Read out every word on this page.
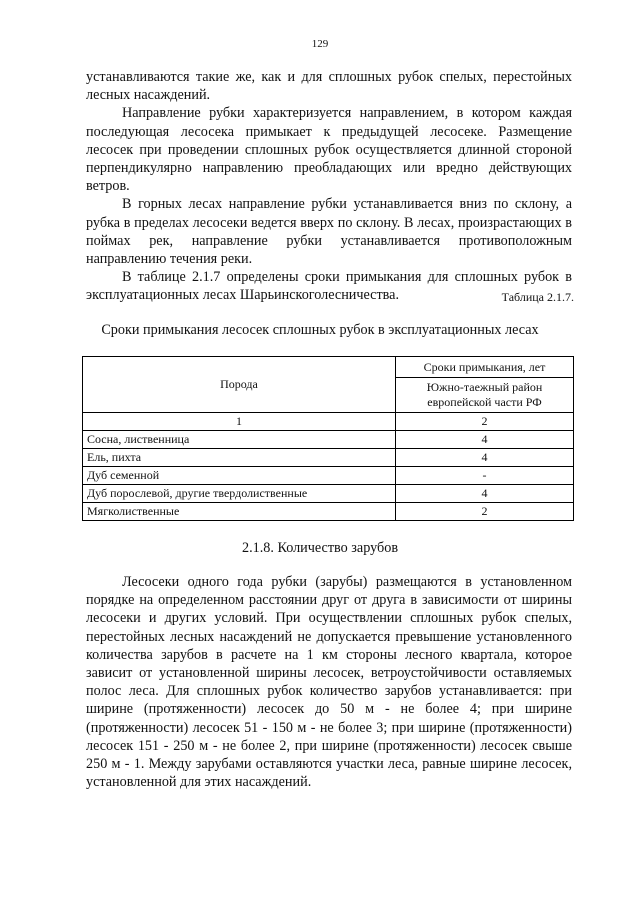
129

устанавливаются такие же, как и для сплошных рубок спелых, перестойных лесных насаждений.

Направление рубки характеризуется направлением, в котором каждая последующая лесосека примыкает к предыдущей лесосеке. Размещение лесосек при проведении сплошных рубок осуществляется длинной стороной перпендикулярно направлению преобладающих или вредно действующих ветров.

В горных лесах направление рубки устанавливается вниз по склону, а рубка в пределах лесосеки ведется вверх по склону. В лесах, произрастающих в поймах рек, направление рубки устанавливается противоположным направлению течения реки.

В таблице 2.1.7 определены сроки примыкания для сплошных рубок в эксплуатационных лесах Шарьинскоголесничества.	Таблица 2.1.7.
Сроки примыкания лесосек сплошных рубок в эксплуатационных лесах
Порода	Сроки примыкания, лет
	Южно-таежный район европейской части РФ
1	2
Сосна, лиственница	4
Ель, пихта	4
Дуб семенной	-
Дуб порослевой, другие твердолиственные	4
Мягколиственные	2
2.1.8. Количество зарубов

Лесосеки одного года рубки (зарубы) размещаются в установленном порядке на определенном расстоянии друг от друга в зависимости от ширины лесосеки и других условий. При осуществлении сплошных рубок спелых, перестойных лесных насаждений не допускается превышение установленного количества зарубов в расчете на 1 км стороны лесного квартала, которое зависит от установленной ширины лесосек, ветроустойчивости оставляемых полос леса. Для сплошных рубок количество зарубов устанавливается: при ширине (протяженности) лесосек до 50 м - не более 4; при ширине (протяженности) лесосек 51 - 150 м - не более 3; при ширине (протяженности) лесосек 151 - 250 м - не более 2, при ширине (протяженности) лесосек свыше 250 м - 1. Между зарубами оставляются участки леса, равные ширине лесосек, установленной для этих насаждений.
